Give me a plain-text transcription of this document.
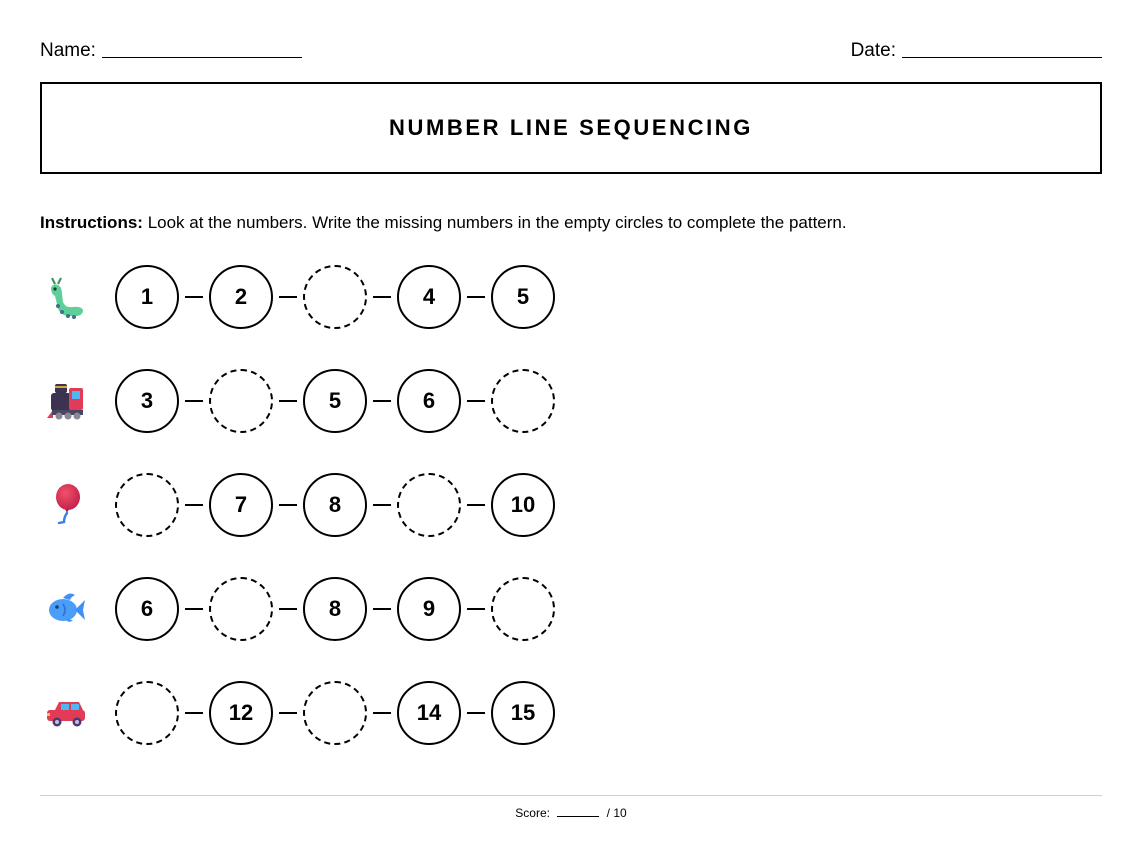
Name:	Date:
NUMBER LINE SEQUENCING
Instructions: Look at the numbers. Write the missing numbers in the empty circles to complete the pattern.
1	2	4	5
3	5	6
7	8	10
6	8	9
12	14	15
Score:	/ 10
